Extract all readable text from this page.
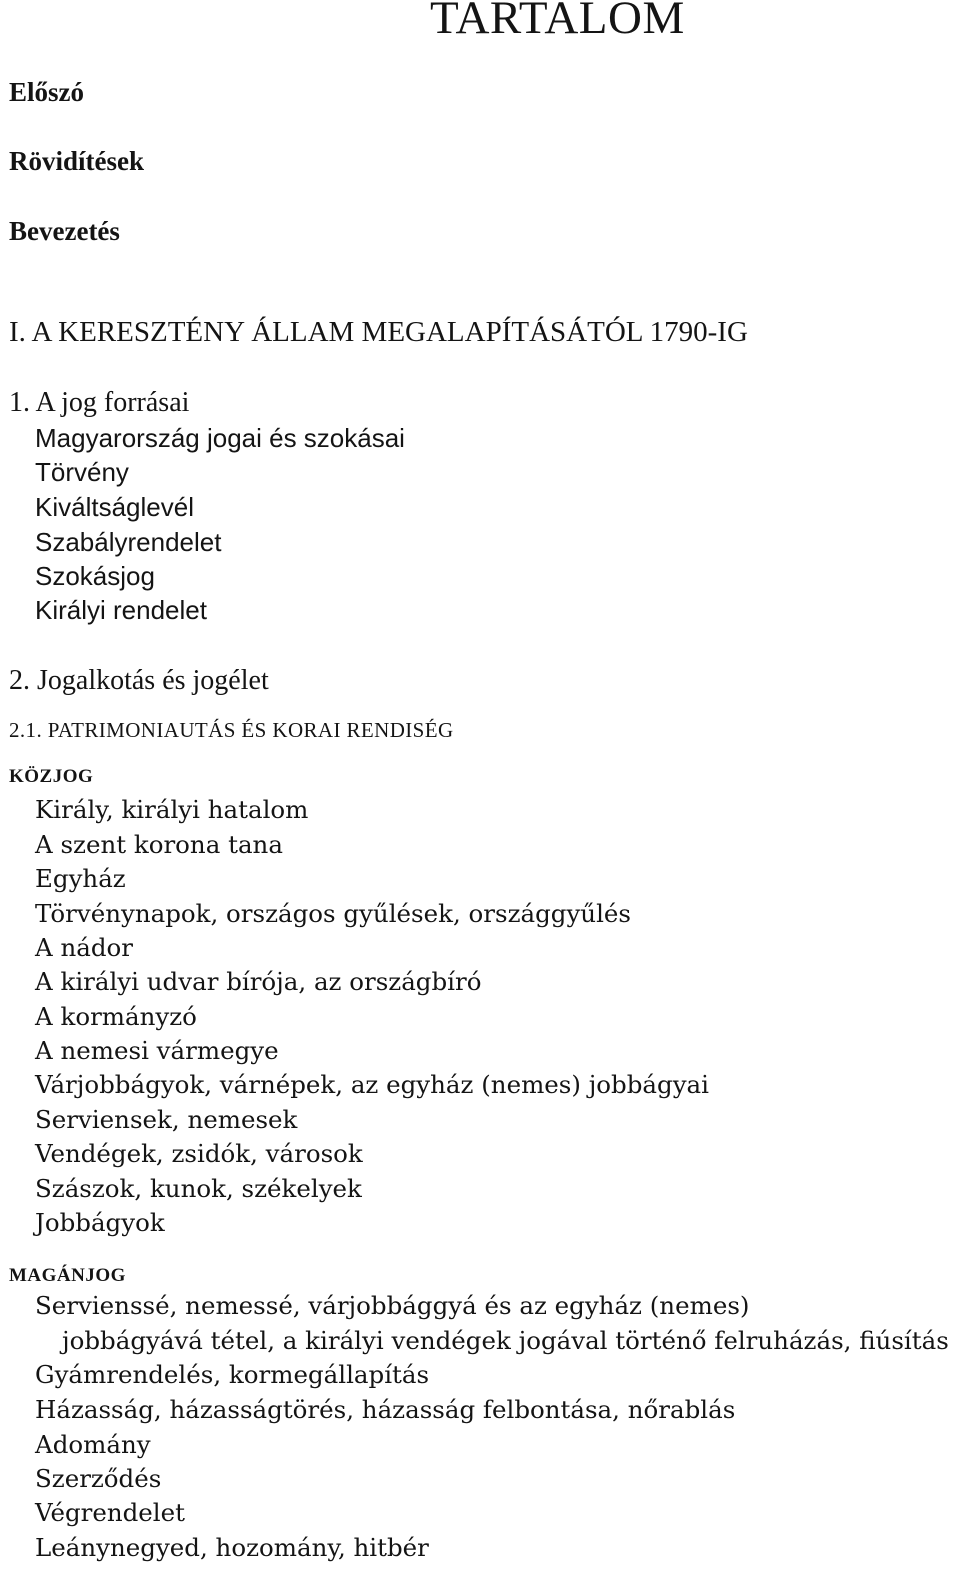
TARTALOM
Előszó
Rövidítések
Bevezetés
I. A KERESZTÉNY ÁLLAM MEGALAPÍTÁSÁTÓL 1790-IG
1. A jog forrásai
Magyarország jogai és szokásai
Törvény
Kiváltságlevél
Szabályrendelet
Szokásjog
Királyi rendelet
2. Jogalkotás és jogélet
2.1. PATRIMONIAUTÁS ÉS KORAI RENDISÉG
KÖZJOG
Király, királyi hatalom
A szent korona tana
Egyház
Törvénynapok, országos gyűlések, országgyűlés
A nádor
A királyi udvar bírója, az országbíró
A kormányzó
A nemesi vármegye
Várjobbágyok, várnépek, az egyház (nemes) jobbágyai
Serviensek, nemesek
Vendégek, zsidók, városok
Szászok, kunok, székelyek
Jobbágyok
MAGÁNJOG
Servienssé, nemessé, várjobbággyá és az egyház (nemes)
jobbágyává tétel, a királyi vendégek jogával történő felruházás, fiúsítás
Gyámrendelés, kormegállapítás
Házasság, házasságtörés, házasság felbontása, nőrablás
Adomány
Szerződés
Végrendelet
Leánynegyed, hozomány, hitbér
